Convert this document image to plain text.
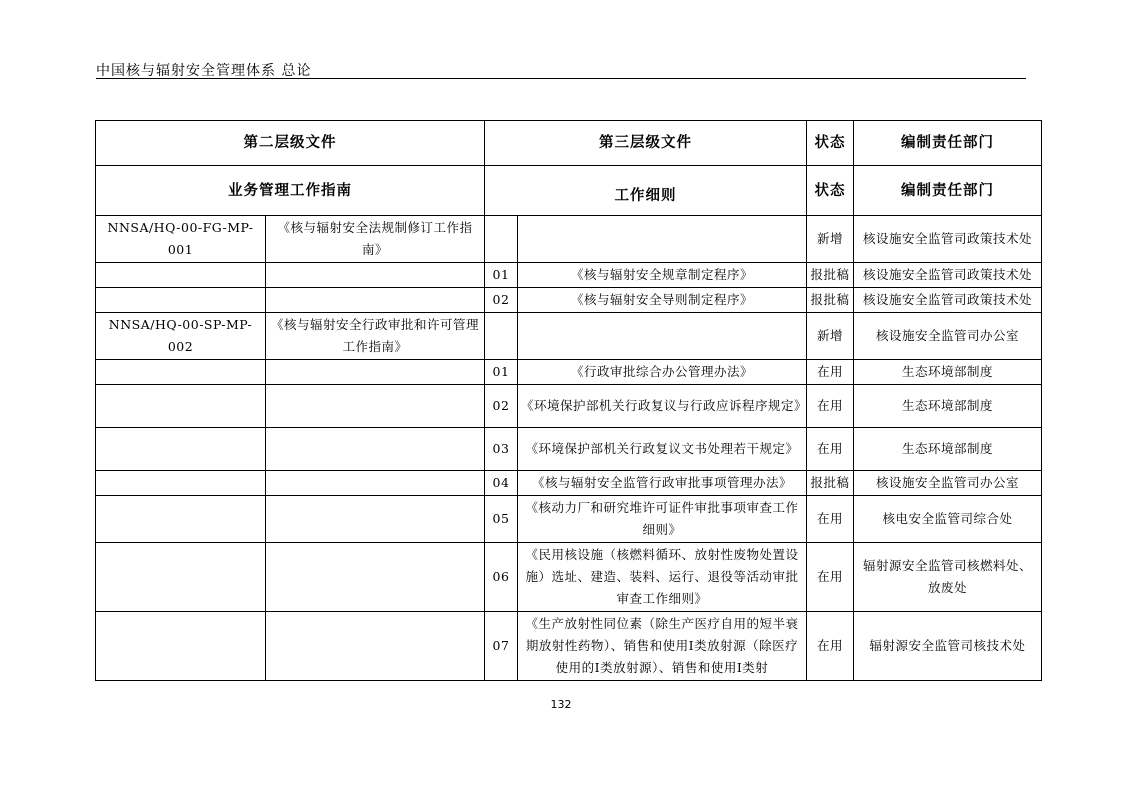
中国核与辐射安全管理体系 总论
第二层级文件		第三层级文件		状态	编制责任部门
业务管理工作指南		工作细则		状态	编制责任部门
NNSA/HQ-00-FG-MP-001	《核与辐射安全法规制修订工作指南》			新增	核设施安全监管司政策技术处
		01	《核与辐射安全规章制定程序》	报批稿	核设施安全监管司政策技术处
		02	《核与辐射安全导则制定程序》	报批稿	核设施安全监管司政策技术处
NNSA/HQ-00-SP-MP-002	《核与辐射安全行政审批和许可管理工作指南》			新增	核设施安全监管司办公室
		01	《行政审批综合办公管理办法》	在用	生态环境部制度
		02	《环境保护部机关行政复议与行政应诉程序规定》	在用	生态环境部制度
		03	《环境保护部机关行政复议文书处理若干规定》	在用	生态环境部制度
		04	《核与辐射安全监管行政审批事项管理办法》	报批稿	核设施安全监管司办公室
		05	《核动力厂和研究堆许可证件审批事项审查工作细则》	在用	核电安全监管司综合处
		06	《民用核设施（核燃料循环、放射性废物处置设施）选址、建造、装料、运行、退役等活动审批审查工作细则》	在用	辐射源安全监管司核燃料处、放废处
		07	《生产放射性同位素（除生产医疗自用的短半衰期放射性药物）、销售和使用Ⅰ类放射源（除医疗使用的Ⅰ类放射源）、销售和使用Ⅰ类射	在用	辐射源安全监管司核技术处
132
